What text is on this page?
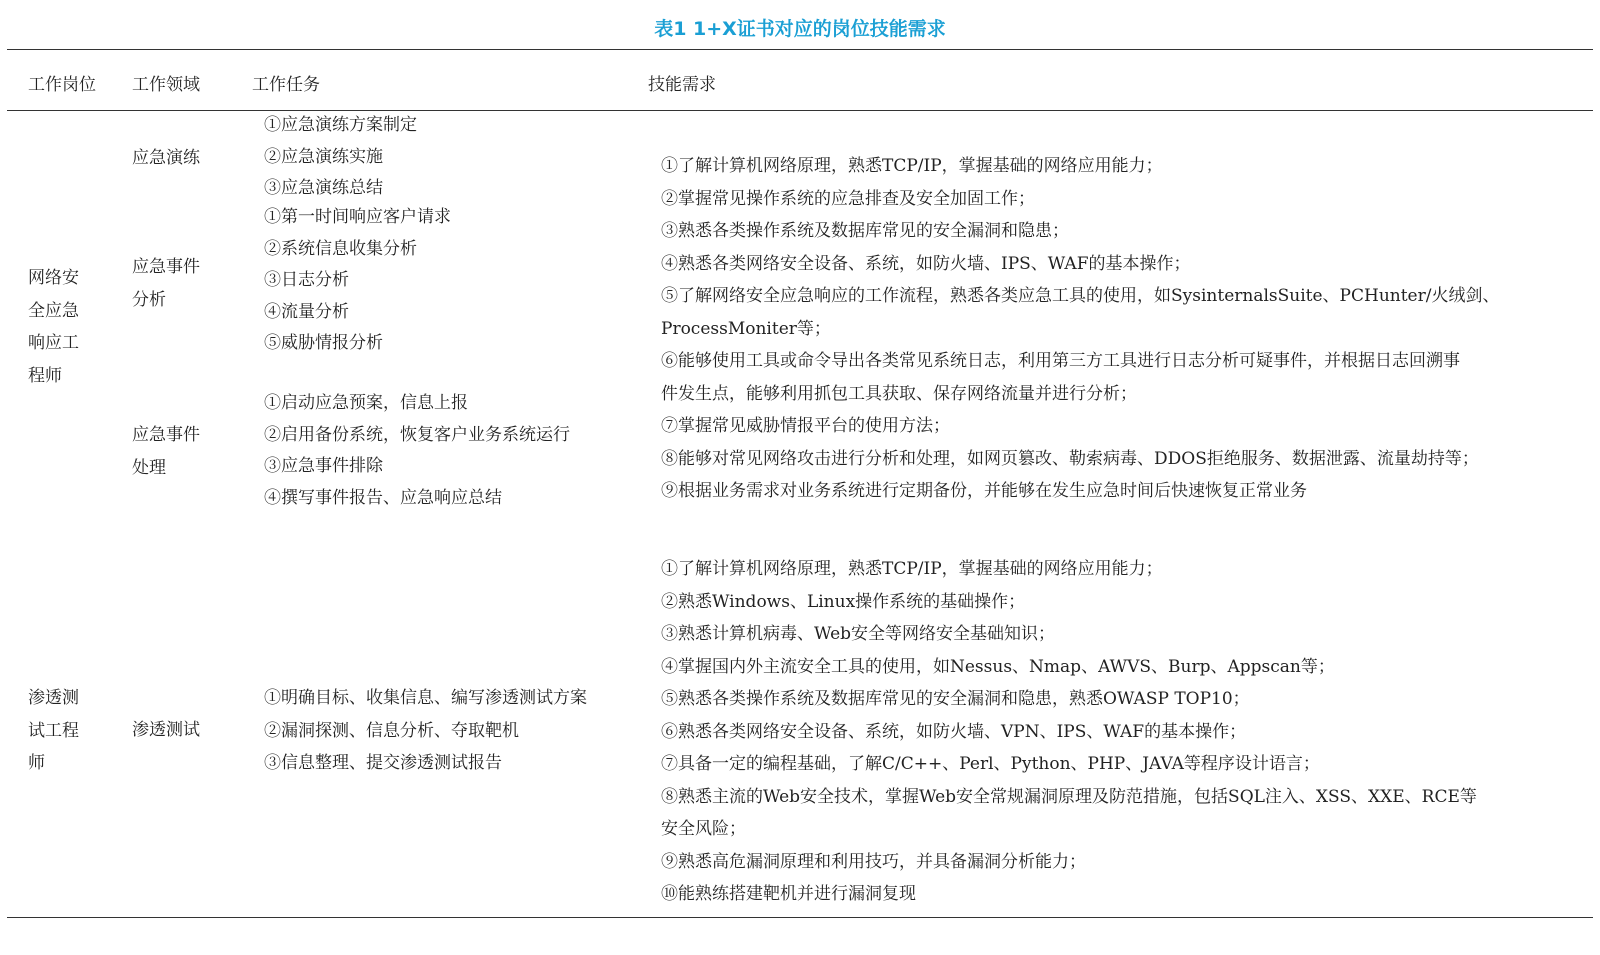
表1 1+X证书对应的岗位技能需求
工作岗位 工作领域	工作任务	技能需求
网络安
全应急
响应工
程师
应急演练
应急事件
分析
应急事件
处理
①应急演练方案制定
②应急演练实施
③应急演练总结
①第一时间响应客户请求
②系统信息收集分析
③日志分析
④流量分析
⑤威胁情报分析
①启动应急预案，信息上报
②启用备份系统，恢复客户业务系统运行
③应急事件排除
④撰写事件报告、应急响应总结
①了解计算机网络原理，熟悉TCP/IP，掌握基础的网络应用能力；
②掌握常见操作系统的应急排查及安全加固工作；
③熟悉各类操作系统及数据库常见的安全漏洞和隐患；
④熟悉各类网络安全设备、系统，如防火墙、IPS、WAF的基本操作；
⑤了解网络安全应急响应的工作流程，熟悉各类应急工具的使用，如SysinternalsSuite、PCHunter/火绒剑、
ProcessMoniter等；
⑥能够使用工具或命令导出各类常见系统日志，利用第三方工具进行日志分析可疑事件，并根据日志回溯事
件发生点，能够利用抓包工具获取、保存网络流量并进行分析；
⑦掌握常见威胁情报平台的使用方法；
⑧能够对常见网络攻击进行分析和处理，如网页篡改、勒索病毒、DDOS拒绝服务、数据泄露、流量劫持等；
⑨根据业务需求对业务系统进行定期备份，并能够在发生应急时间后快速恢复正常业务
渗透测
试工程
师
渗透测试
①明确目标、收集信息、编写渗透测试方案
②漏洞探测、信息分析、夺取靶机
③信息整理、提交渗透测试报告
①了解计算机网络原理，熟悉TCP/IP，掌握基础的网络应用能力；
②熟悉Windows、Linux操作系统的基础操作；
③熟悉计算机病毒、Web安全等网络安全基础知识；
④掌握国内外主流安全工具的使用，如Nessus、Nmap、AWVS、Burp、Appscan等；
⑤熟悉各类操作系统及数据库常见的安全漏洞和隐患，熟悉OWASP TOP10；
⑥熟悉各类网络安全设备、系统，如防火墙、VPN、IPS、WAF的基本操作；
⑦具备一定的编程基础，了解C/C++、Perl、Python、PHP、JAVA等程序设计语言；
⑧熟悉主流的Web安全技术，掌握Web安全常规漏洞原理及防范措施，包括SQL注入、XSS、XXE、RCE等
安全风险；
⑨熟悉高危漏洞原理和利用技巧，并具备漏洞分析能力；
⑩能熟练搭建靶机并进行漏洞复现
